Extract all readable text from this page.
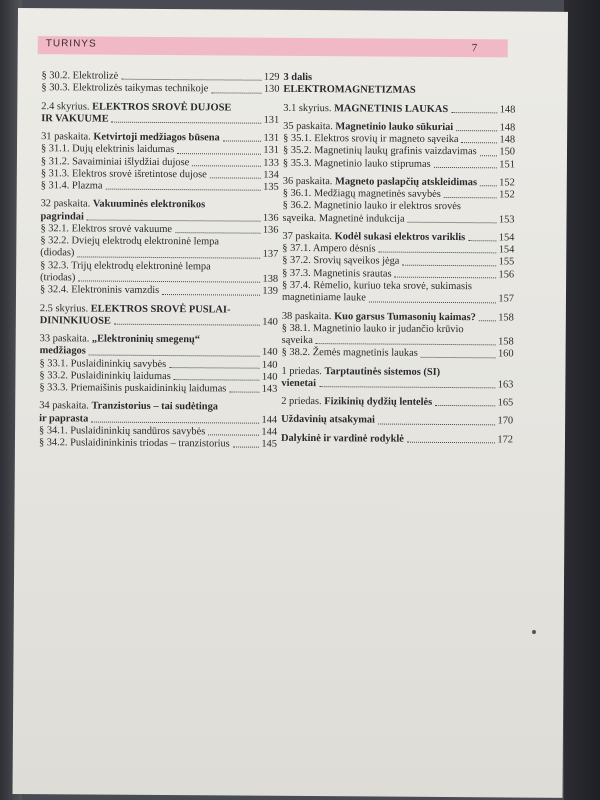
TURINYS	7
§ 30.2. Elektrolizė	129
§ 30.3. Elektrolizės taikymas technikoje	130
2.4 skyrius. ELEKTROS SROVĖ DUJOSE
IR VAKUUME	131
31 paskaita. Ketvirtoji medžiagos būsena	131
§ 31.1. Dujų elektrinis laidumas	131
§ 31.2. Savaiminiai išlydžiai dujose	133
§ 31.3. Elektros srovė išretintose dujose	134
§ 31.4. Plazma	135
32 paskaita. Vakuuminės elektronikos
pagrindai	136
§ 32.1. Elektros srovė vakuume	136
§ 32.2. Dviejų elektrodų elektroninė lempa
(diodas)	137
§ 32.3. Trijų elektrodų elektroninė lempa
(triodas)	138
§ 32.4. Elektroninis vamzdis	139
2.5 skyrius. ELEKTROS SROVĖ PUSLAI-
DININKIUOSE	140
33 paskaita. „Elektroninių smegenų“
medžiagos	140
§ 33.1. Puslaidininkių savybės	140
§ 33.2. Puslaidininkių laidumas	140
§ 33.3. Priemaišinis puskaidininkių laidumas	143
34 paskaita. Tranzistorius – tai sudėtinga
ir paprasta	144
§ 34.1. Puslaidininkių sandūros savybės	144
§ 34.2. Puslaidininkinis triodas – tranzistorius	145
3 dalis
ELEKTROMAGNETIZMAS
3.1 skyrius. MAGNETINIS LAUKAS	148
35 paskaita. Magnetinio lauko sūkuriai	148
§ 35.1. Elektros srovių ir magneto sąveika	148
§ 35.2. Magnetinių laukų grafinis vaizdavimas 150
§ 35.3. Magnetinio lauko stiprumas	151
36 paskaita. Magneto paslapčių atskleidimas 152
§ 36.1. Medžiagų magnetinės savybės	152
§ 36.2. Magnetinio lauko ir elektros srovės
sąveika. Magnetinė indukcija	153
37 paskaita. Kodėl sukasi elektros variklis	154
§ 37.1. Ampero dėsnis	154
§ 37.2. Srovių sąveikos jėga	155
§ 37.3. Magnetinis srautas	156
§ 37.4. Rėmelio, kuriuo teka srovė, sukimasis
magnetiniame lauke	157
38 paskaita. Kuo garsus Tumasonių kaimas? 158
§ 38.1. Magnetinio lauko ir judančio krūvio
sąveika	158
§ 38.2. Žemės magnetinis laukas	160
1 priedas. Tarptautinės sistemos (SI)
vienetai	163
2 priedas. Fizikinių dydžių lentelės	165
Uždavinių atsakymai	170
Dalykinė ir vardinė rodyklė	172
